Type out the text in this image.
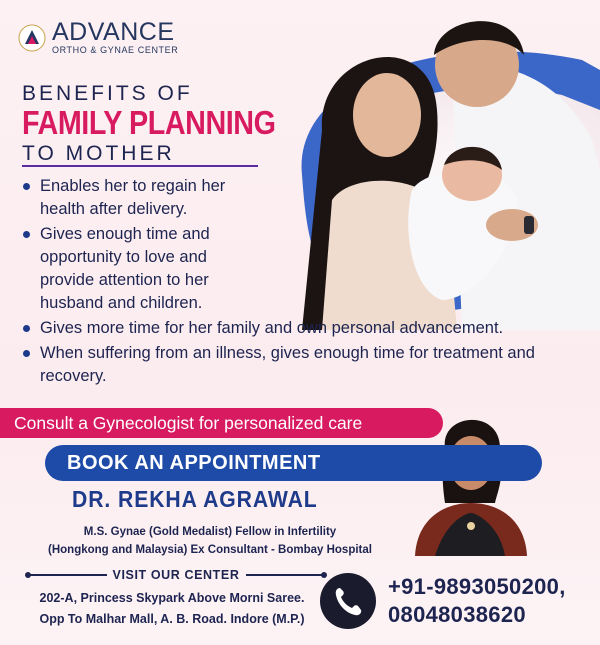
ADVANCE
ORTHO & GYNAE CENTER
BENEFITS OF
FAMILY PLANNING
TO MOTHER
Enables her to regain her health after delivery.
Gives enough time and opportunity to love and provide attention to her husband and children.
Gives more time for her family and own personal advancement.
When suffering from an illness, gives enough time for treatment and recovery.
Consult a Gynecologist for personalized care
BOOK AN APPOINTMENT
DR. REKHA AGRAWAL
M.S. Gynae (Gold Medalist) Fellow in Infertility
(Hongkong and Malaysia) Ex Consultant - Bombay Hospital
VISIT OUR CENTER
202-A, Princess Skypark Above Morni Saree.
Opp To Malhar Mall, A. B. Road. Indore (M.P.)
+91-9893050200,
08048038620
